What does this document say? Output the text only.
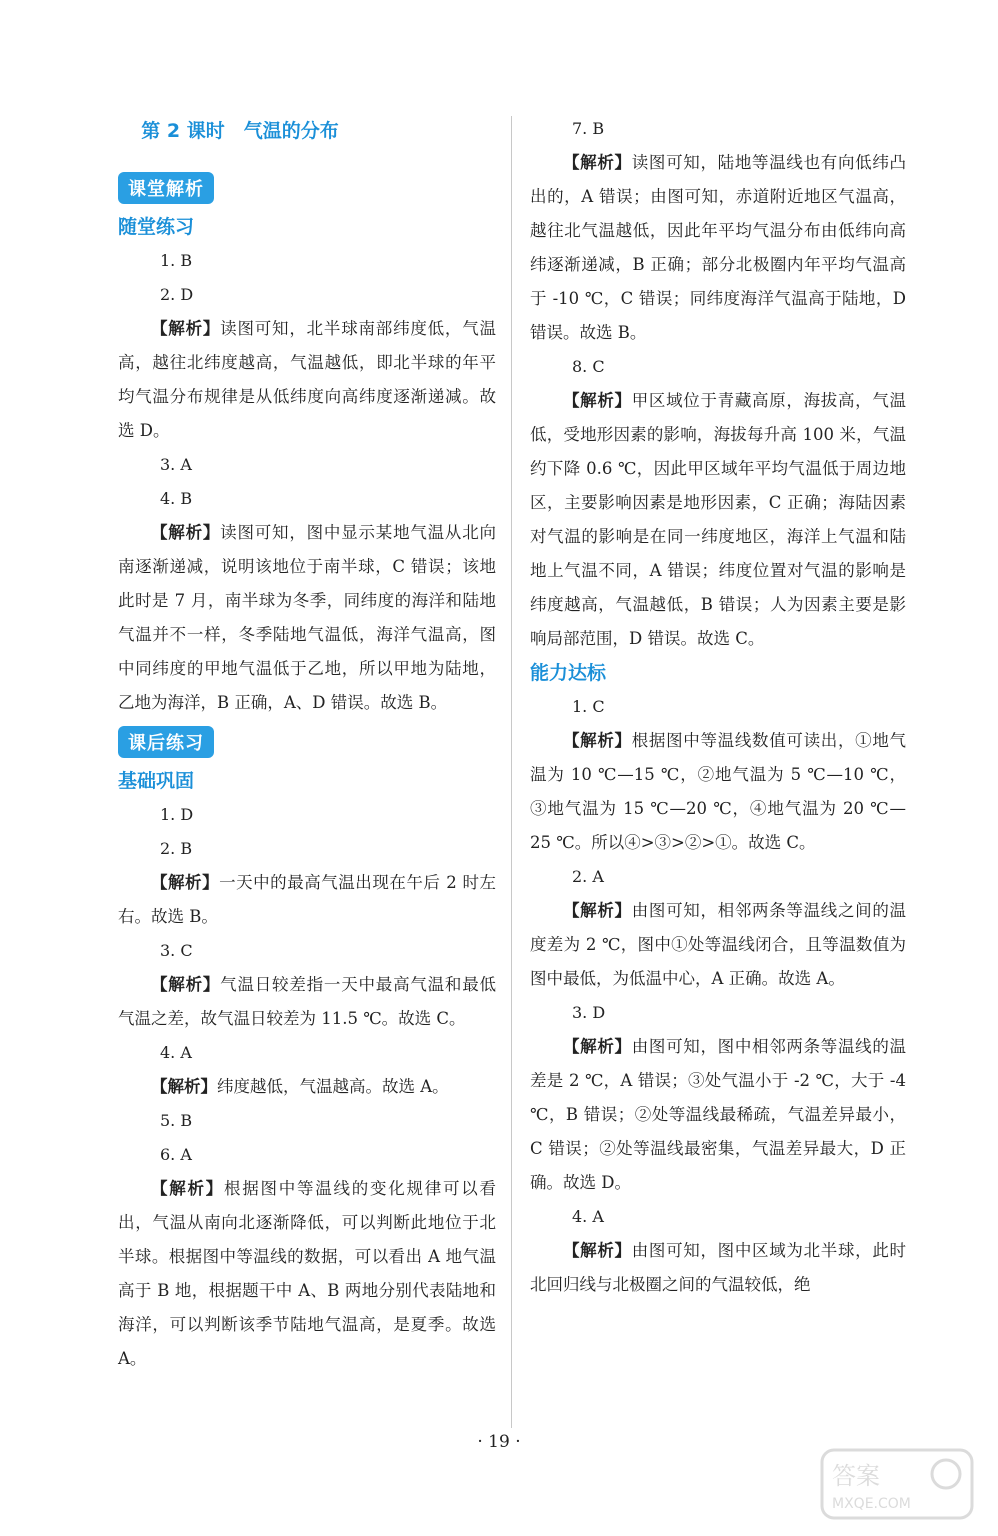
第 2 课时　气温的分布
课堂解析
随堂练习
1. B
2. D

【解析】读图可知，北半球南部纬度低，气温高，越往北纬度越高，气温越低，即北半球的年平均气温分布规律是从低纬度向高纬度逐渐递减。故选 D。

3. A
4. B

【解析】读图可知，图中显示某地气温从北向南逐渐递减，说明该地位于南半球，C 错误；该地此时是 7 月，南半球为冬季，同纬度的海洋和陆地气温并不一样，冬季陆地气温低，海洋气温高，图中同纬度的甲地气温低于乙地，所以甲地为陆地，乙地为海洋，B 正确，A、D 错误。故选 B。

课后练习
基础巩固
1. D
2. B

【解析】一天中的最高气温出现在午后 2 时左右。故选 B。

3. C

【解析】气温日较差指一天中最高气温和最低气温之差，故气温日较差为 11.5 ℃。故选 C。

4. A

【解析】纬度越低，气温越高。故选 A。

5. B
6. A

【解析】根据图中等温线的变化规律可以看出，气温从南向北逐渐降低，可以判断此地位于北半球。根据图中等温线的数据，可以看出 A 地气温高于 B 地，根据题干中 A、B 两地分别代表陆地和海洋，可以判断该季节陆地气温高，是夏季。故选 A。

7. B

【解析】读图可知，陆地等温线也有向低纬凸出的，A 错误；由图可知，赤道附近地区气温高，越往北气温越低，因此年平均气温分布由低纬向高纬逐渐递减，B 正确；部分北极圈内年平均气温高于 -10 ℃，C 错误；同纬度海洋气温高于陆地，D 错误。故选 B。

8. C

【解析】甲区域位于青藏高原，海拔高，气温低，受地形因素的影响，海拔每升高 100 米，气温约下降 0.6 ℃，因此甲区域年平均气温低于周边地区，主要影响因素是地形因素，C 正确；海陆因素对气温的影响是在同一纬度地区，海洋上气温和陆地上气温不同，A 错误；纬度位置对气温的影响是纬度越高，气温越低，B 错误；人为因素主要是影响局部范围，D 错误。故选 C。

能力达标
1. C

【解析】根据图中等温线数值可读出，①地气温为 10 ℃—15 ℃，②地气温为 5 ℃—10 ℃，③地气温为 15 ℃—20 ℃，④地气温为 20 ℃—25 ℃。所以④>③>②>①。故选 C。

2. A

【解析】由图可知，相邻两条等温线之间的温度差为 2 ℃，图中①处等温线闭合，且等温数值为图中最低，为低温中心，A 正确。故选 A。

3. D

【解析】由图可知，图中相邻两条等温线的温差是 2 ℃，A 错误；③处气温小于 -2 ℃，大于 -4 ℃，B 错误；②处等温线最稀疏，气温差异最小，C 错误；②处等温线最密集，气温差异最大，D 正确。故选 D。

4. A

【解析】由图可知，图中区域为北半球，此时北回归线与北极圈之间的气温较低，绝

· 19 ·
答案
MXQE.COM
